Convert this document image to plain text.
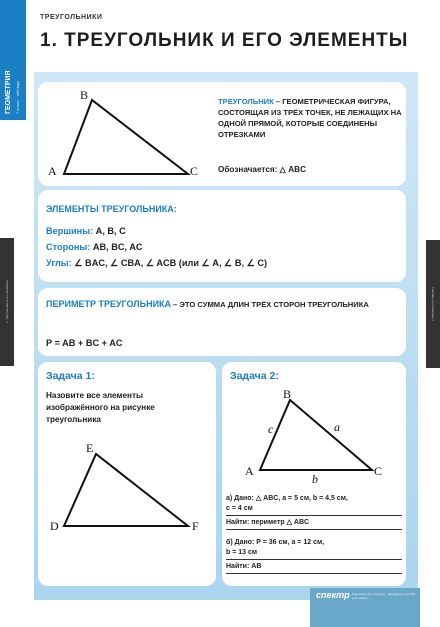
ГЕОМЕТРИЯ 7 класс · таблицы
1. Треугольник и его элементы	Таблицы по геометрии 7
ТРЕУГОЛЬНИКИ
1. ТРЕУГОЛЬНИК И ЕГО ЭЛЕМЕНТЫ
A
B
C
ТРЕУГОЛЬНИК – ГЕОМЕТРИЧЕСКАЯ ФИГУРА, СОСТОЯЩАЯ ИЗ ТРЁХ ТОЧЕК, НЕ ЛЕЖАЩИХ НА ОДНОЙ ПРЯМОЙ, КОТОРЫЕ СОЕДИНЕНЫ ОТРЕЗКАМИ
Обозначается: △ ABC
ЭЛЕМЕНТЫ ТРЕУГОЛЬНИКА:
Вершины: A, B, C
Стороны: AB, BC, AC
Углы: ∠ BAC, ∠ CBA, ∠ ACB (или ∠ A, ∠ B, ∠ C)
ПЕРИМЕТР ТРЕУГОЛЬНИКА – ЭТО СУММА ДЛИН ТРЁХ СТОРОН ТРЕУГОЛЬНИКА
P = AB + BC + AC
Задача 1:
Назовите все элементы изображённого на рисунке треугольника
D
E
F
Задача 2:
A
B
C
a
b
c
а) Дано: △ ABC, a = 5 см, b = 4,5 см,
c = 4 см
Найти: периметр △ ABC
б) Дано: P = 36 см, a = 12 см,
b = 13 см
Найти: AB
спектр Издательство «Спектр» · наглядные пособия для школы
